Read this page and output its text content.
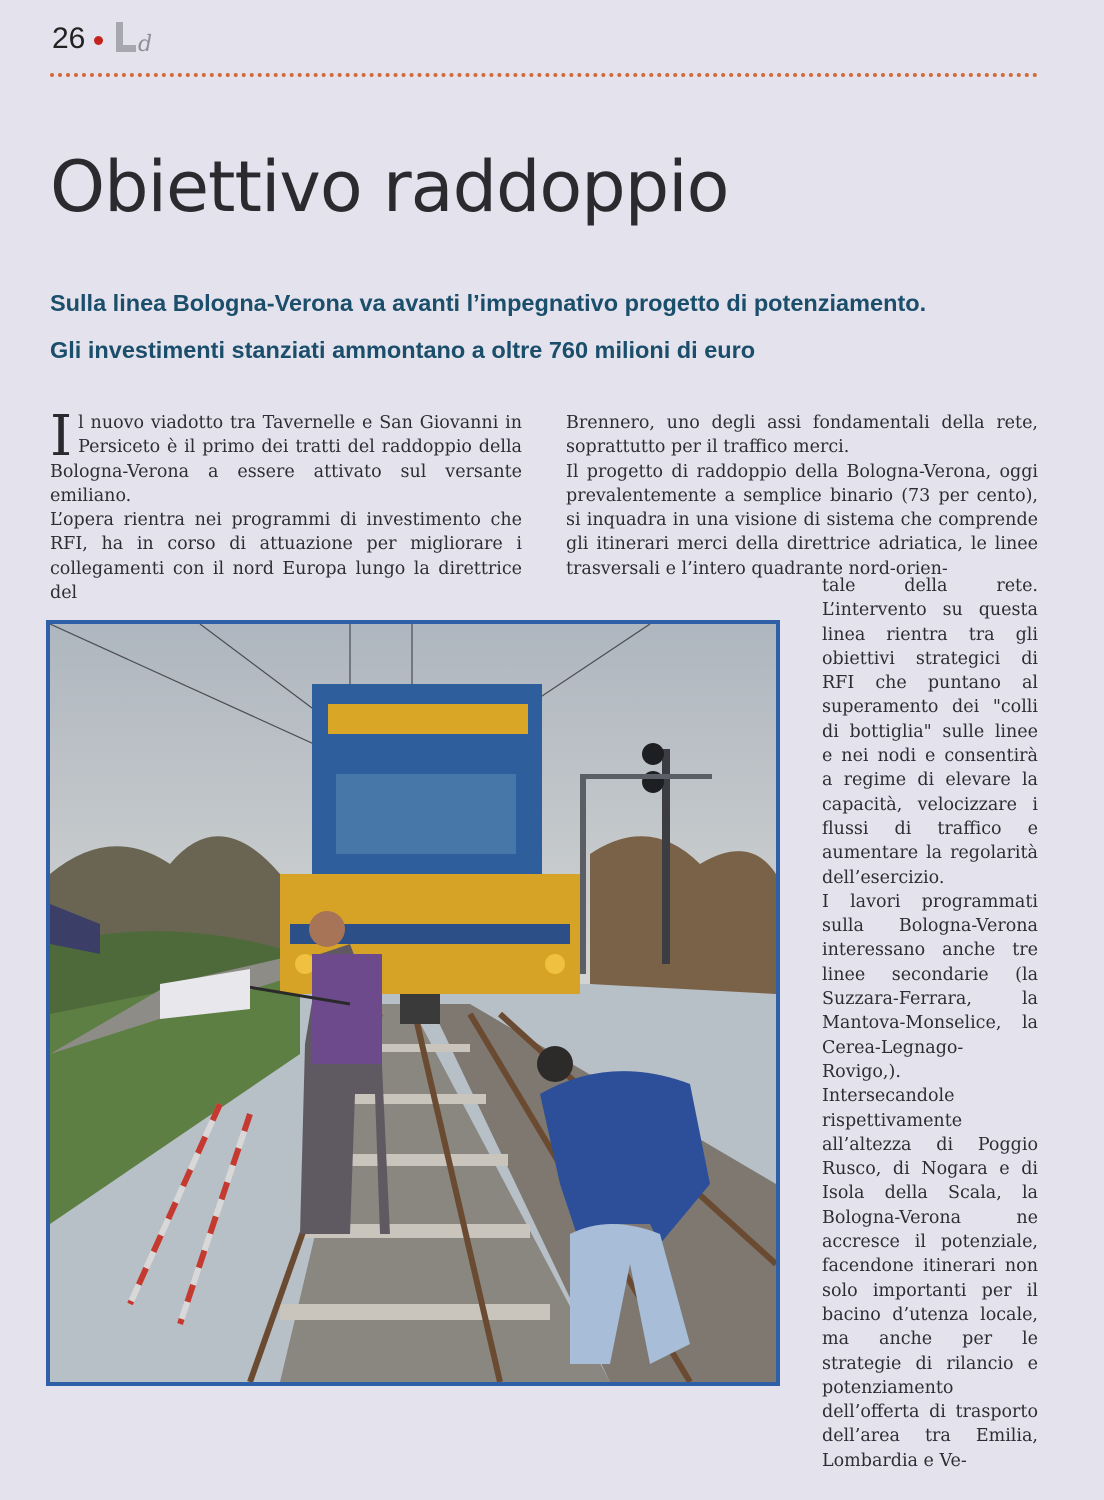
26 d
Obiettivo raddoppio

Sulla linea Bologna-Verona va avanti l’impegnativo progetto di potenziamento.

Gli investimenti stanziati ammontano a oltre 760 milioni di euro

Il nuovo viadotto tra Tavernelle e San Giovanni in Persiceto è il primo dei tratti del raddoppio della Bologna-Verona a essere attivato sul versante emiliano.

L’opera rientra nei programmi di investimento che RFI, ha in corso di attuazione per migliorare i collegamenti con il nord Europa lungo la direttrice del

Brennero, uno degli assi fondamentali della rete, soprattutto per il traffico merci.

Il progetto di raddoppio della Bologna-Verona, oggi prevalentemente a semplice binario (73 per cento), si inquadra in una visione di sistema che comprende gli itinerari merci della direttrice adriatica, le linee trasversali e l’intero quadrante nord-orien-

tale della rete. L’intervento su questa linea rientra tra gli obiettivi strategici di RFI che puntano al superamento dei "colli di bottiglia" sulle linee e nei nodi e consentirà a regime di elevare la capacità, velocizzare i flussi di traffico e aumentare la regolarità dell’esercizio.

I lavori programmati sulla Bologna-Verona interessano anche tre linee secondarie (la Suzzara-Ferrara, la Mantova-Monselice, la Cerea-Legnago-Rovigo,). Intersecandole rispettivamente all’altezza di Poggio Rusco, di Nogara e di Isola della Scala, la Bologna-Verona ne accresce il potenziale, facendone itinerari non solo importanti per il bacino d’utenza locale, ma anche per le strategie di rilancio e potenziamento dell’offerta di trasporto dell’area tra Emilia, Lombardia e Ve-
